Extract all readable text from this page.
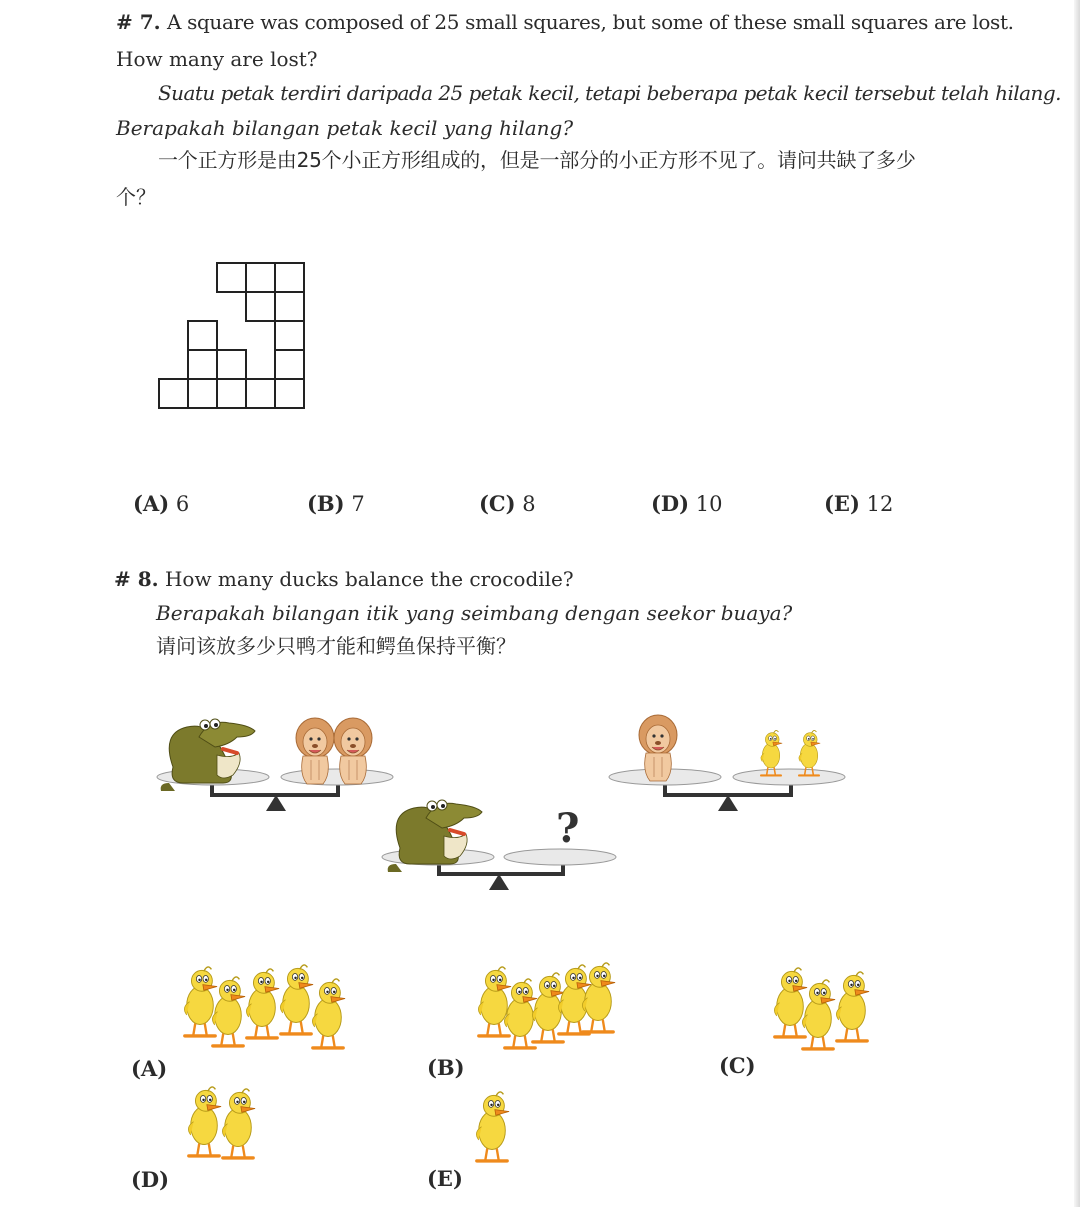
# 7. A square was composed of 25 small squares, but some of these small squares are lost.
How many are lost?
Suatu petak terdiri daripada 25 petak kecil, tetapi beberapa petak kecil tersebut telah hilang.
Berapakah bilangan petak kecil yang hilang?
一个正方形是由25个小正方形组成的，但是一部分的小正方形不见了。请问共缺了多少
个？
(A) 6	(B) 7	(C) 8	(D) 10	(E) 12
# 8. How many ducks balance the crocodile?
Berapakah bilangan itik yang seimbang dengan seekor buaya?
请问该放多少只鸭才能和鳄鱼保持平衡？
?
(A)	(B)	(C)
(D)	(E)
